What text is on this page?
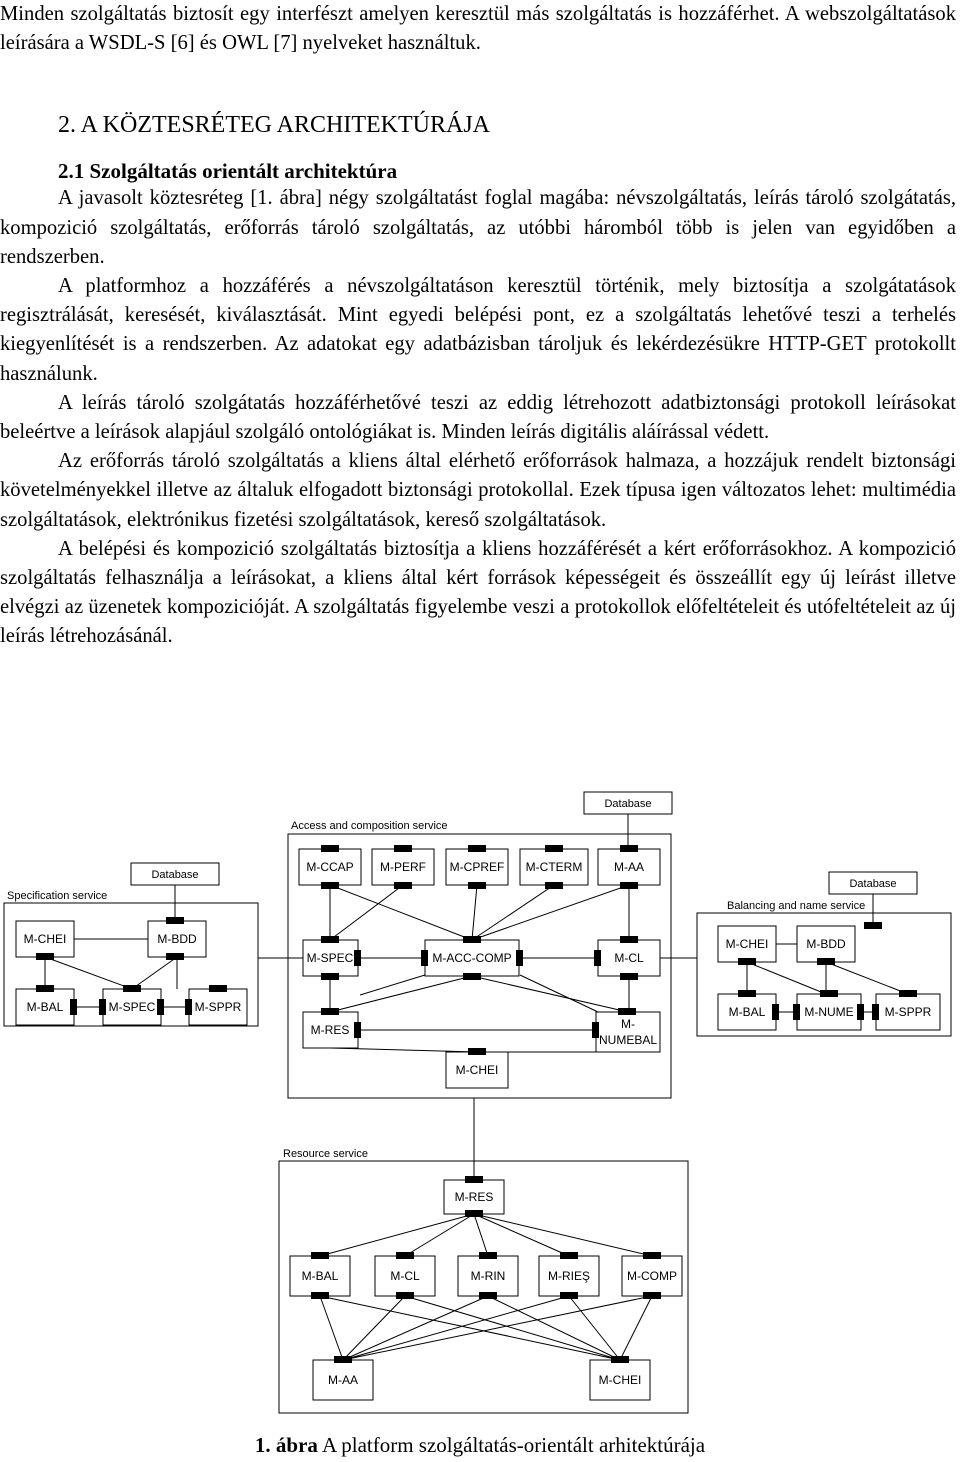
Minden szolgáltatás biztosít egy interfészt amelyen keresztül más szolgáltatás is hozzáférhet. A webszolgáltatások leírására a WSDL-S [6] és OWL [7] nyelveket használtuk.

2. A KÖZTESRÉTEG ARCHITEKTÚRÁJA
2.1 Szolgáltatás orientált architektúra

A javasolt köztesréteg [1. ábra] négy szolgáltatást foglal magába: névszolgáltatás, leírás tároló szolgátatás, kompozició szolgáltatás, erőforrás tároló szolgáltatás, az utóbbi háromból több is jelen van egyidőben a rendszerben.

A platformhoz a hozzáférés a névszolgáltatáson keresztül történik, mely biztosítja a szolgátatások regisztrálását, keresését, kiválasztását. Mint egyedi belépési pont, ez a szolgáltatás lehetővé teszi a terhelés kiegyenlítését is a rendszerben. Az adatokat egy adatbázisban tároljuk és lekérdezésükre HTTP-GET protokollt használunk.

A leírás tároló szolgátatás hozzáférhetővé teszi az eddig létrehozott adatbiztonsági protokoll leírásokat beleértve a leírások alapjául szolgáló ontológiákat is. Minden leírás digitális aláírással védett.

Az erőforrás tároló szolgáltatás a kliens által elérhető erőforrások halmaza, a hozzájuk rendelt biztonsági követelményekkel illetve az általuk elfogadott biztonsági protokollal. Ezek típusa igen változatos lehet: multimédia szolgáltatások, elektrónikus fizetési szolgáltatások, kereső szolgáltatások.

A belépési és kompozició szolgáltatás biztosítja a kliens hozzáférését a kért erőforrásokhoz. A kompozició szolgáltatás felhasználja a leírásokat, a kliens által kért források képességeit és összeállít egy új leírást illetve elvégzi az üzenetek kompozicióját. A szolgáltatás figyelembe veszi a protokollok előfeltételeit és utófeltételeit az új leírás létrehozásánál.

Access and composition service
Specification service
Balancing and name service
Resource service
Database
Database
Database
M-CCAP M-PERF M-CPREF M-CTERM	M-AA
M-SPEC	M-ACC-COMP	M-CL
M-RES	M-
NUMEBAL
M-CHEI
M-CHEI	M-BDD
M-BAL	M-SPEC	M-SPPR
M-CHEI	M-BDD
M-BAL	M-NUME	M-SPPR
M-RES
M-BAL	M-CL	M-RIN	M-RIEŞ	M-COMP
M-AA	M-CHEI
1. ábra A platform szolgáltatás-orientált arhitektúrája
